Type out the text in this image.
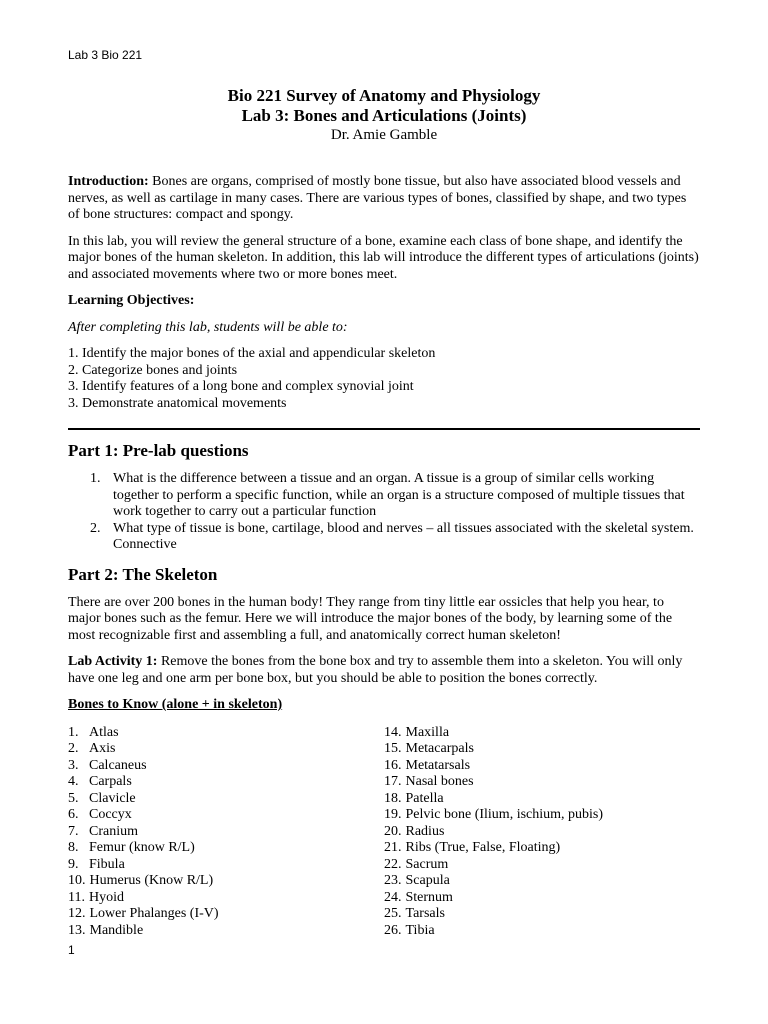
Lab 3 Bio 221
Bio 221 Survey of Anatomy and Physiology
Lab 3: Bones and Articulations (Joints)
Dr. Amie Gamble

Introduction: Bones are organs, comprised of mostly bone tissue, but also have associated blood vessels and nerves, as well as cartilage in many cases. There are various types of bones, classified by shape, and two types of bone structures: compact and spongy.

In this lab, you will review the general structure of a bone, examine each class of bone shape, and identify the major bones of the human skeleton. In addition, this lab will introduce the different types of articulations (joints) and associated movements where two or more bones meet.

Learning Objectives:

After completing this lab, students will be able to:

1. Identify the major bones of the axial and appendicular skeleton
2. Categorize bones and joints
3. Identify features of a long bone and complex synovial joint
3. Demonstrate anatomical movements
Part 1: Pre-lab questions
1. What is the difference between a tissue and an organ. A tissue is a group of similar cells working together to perform a specific function, while an organ is a structure composed of multiple tissues that work together to carry out a particular function
2. What type of tissue is bone, cartilage, blood and nerves – all tissues associated with the skeletal system. Connective
Part 2: The Skeleton

There are over 200 bones in the human body! They range from tiny little ear ossicles that help you hear, to major bones such as the femur. Here we will introduce the major bones of the body, by learning some of the most recognizable first and assembling a full, and anatomically correct human skeleton!

Lab Activity 1: Remove the bones from the bone box and try to assemble them into a skeleton. You will only have one leg and one arm per bone box, but you should be able to position the bones correctly.

Bones to Know (alone + in skeleton)
1. Atlas
2. Axis
3. Calcaneus
4. Carpals
5. Clavicle
6. Coccyx
7. Cranium
8. Femur (know R/L)
9. Fibula
10. Humerus (Know R/L)
11. Hyoid
12. Lower Phalanges (I-V)
13. Mandible
14. Maxilla
15. Metacarpals
16. Metatarsals
17. Nasal bones
18. Patella
19. Pelvic bone (Ilium, ischium, pubis)
20. Radius
21. Ribs (True, False, Floating)
22. Sacrum
23. Scapula
24. Sternum
25. Tarsals
26. Tibia
1
